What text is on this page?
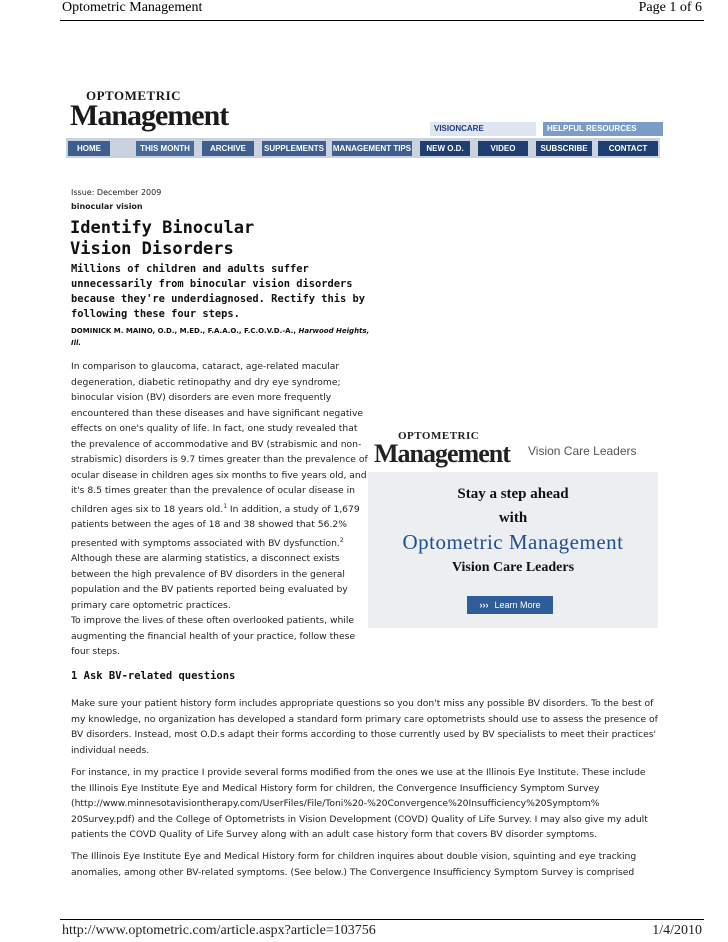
Optometric Management	Page 1 of 6
OPTOMETRIC
Management	VISIONCARE	HELPFUL RESOURCES
HOME	THIS MONTH	ARCHIVE	SUPPLEMENTS MANAGEMENT TIPS	NEW O.D.	VIDEO	SUBSCRIBE	CONTACT
Issue: December 2009
binocular vision
Identify Binocular Vision Disorders
Millions of children and adults suffer unnecessarily from binocular vision disorders because they're underdiagnosed. Rectify this by following these four steps.
DOMINICK M. MAINO, O.D., M.ED., F.A.A.O., F.C.O.V.D.-A., Harwood Heights, Ill.
In comparison to glaucoma, cataract, age-related macular degeneration, diabetic retinopathy and dry eye syndrome; binocular vision (BV) disorders are even more frequently encountered than these diseases and have significant negative effects on one's quality of life. In fact, one study revealed that the prevalence of accommodative and BV (strabismic and non-strabismic) disorders is 9.7 times greater than the prevalence of ocular disease in children ages six months to five years old, and it's 8.5 times greater than the prevalence of ocular disease in children ages six to 18 years old.$^1$ In addition, a study of 1,679 patients between the ages of 18 and 38 showed that 56.2% presented with symptoms associated with BV dysfunction.$^2$ Although these are alarming statistics, a disconnect exists between the high prevalence of BV disorders in the general population and the BV patients reported being evaluated by primary care optometric practices.
OPTOMETRIC
Management Vision Care Leaders
Stay a step ahead
with
Optometric Management
Vision Care Leaders
››› Learn More
To improve the lives of these often overlooked patients, while augmenting the financial health of your practice, follow these four steps.
1 Ask BV-related questions
Make sure your patient history form includes appropriate questions so you don't miss any possible BV disorders. To the best of my knowledge, no organization has developed a standard form primary care optometrists should use to assess the presence of BV disorders. Instead, most O.D.s adapt their forms according to those currently used by BV specialists to meet their practices' individual needs.
For instance, in my practice I provide several forms modified from the ones we use at the Illinois Eye Institute. These include the Illinois Eye Institute Eye and Medical History form for children, the Convergence Insufficiency Symptom Survey (http://www.minnesotavisiontherapy.com/UserFiles/File/Toni%20-%20Convergence%20Insufficiency%20Symptom% 20Survey.pdf) and the College of Optometrists in Vision Development (COVD) Quality of Life Survey. I may also give my adult patients the COVD Quality of Life Survey along with an adult case history form that covers BV disorder symptoms.
The Illinois Eye Institute Eye and Medical History form for children inquires about double vision, squinting and eye tracking anomalies, among other BV-related symptoms. (See below.) The Convergence Insufficiency Symptom Survey is comprised
http://www.optometric.com/article.aspx?article=103756	1/4/2010
